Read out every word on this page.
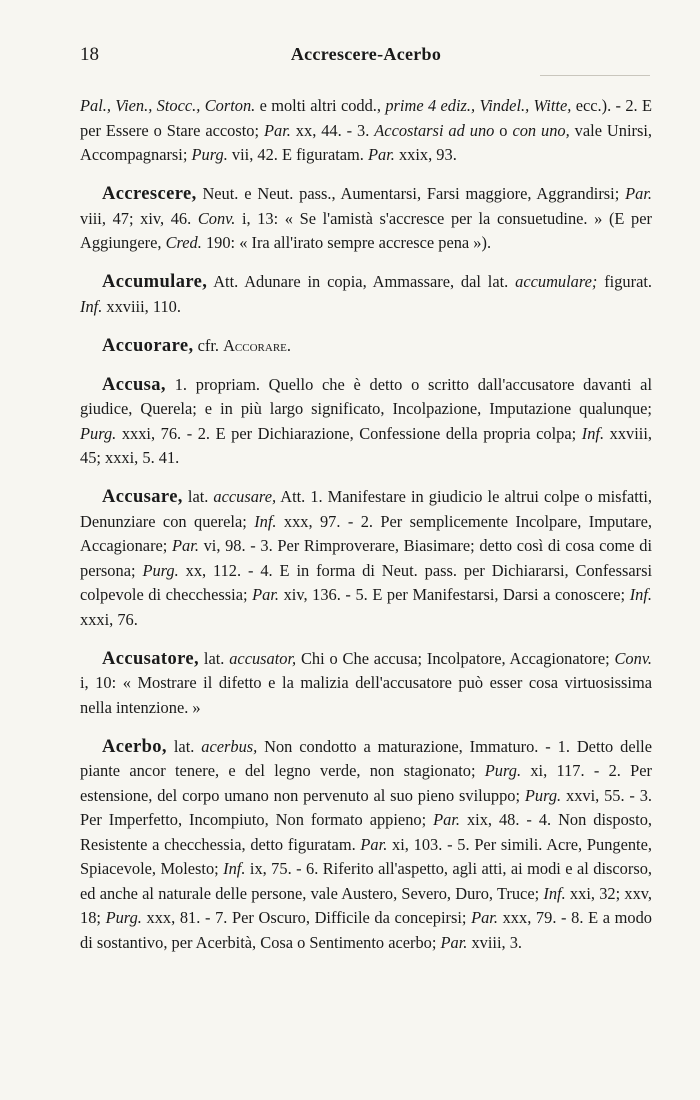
18	Accrescere-Acerbo

Pal., Vien., Stocc., Corton. e molti altri codd., prime 4 ediz., Vindel., Witte, ecc.). - 2. E per Essere o Stare accosto; Par. xx, 44. - 3. Accostarsi ad uno o con uno, vale Unirsi, Accompagnarsi; Purg. vii, 42. E figuratam. Par. xxix, 93.

Accrescere, Neut. e Neut. pass., Aumentarsi, Farsi maggiore, Aggrandirsi; Par. viii, 47; xiv, 46. Conv. i, 13: « Se l'amistà s'accresce per la consuetudine. » (E per Aggiungere, Cred. 190: « Ira all'irato sempre accresce pena »).

Accumulare, Att. Adunare in copia, Ammassare, dal lat. accumulare; figurat. Inf. xxviii, 110.

Accuorare, cfr. Accorare.

Accusa, 1. propriam. Quello che è detto o scritto dall'accusatore davanti al giudice, Querela; e in più largo significato, Incolpazione, Imputazione qualunque; Purg. xxxi, 76. - 2. E per Dichiarazione, Confessione della propria colpa; Inf. xxviii, 45; xxxi, 5. 41.

Accusare, lat. accusare, Att. 1. Manifestare in giudicio le altrui colpe o misfatti, Denunziare con querela; Inf. xxx, 97. - 2. Per semplicemente Incolpare, Imputare, Accagionare; Par. vi, 98. - 3. Per Rimproverare, Biasimare; detto così di cosa come di persona; Purg. xx, 112. - 4. E in forma di Neut. pass. per Dichiararsi, Confessarsi colpevole di checchessia; Par. xiv, 136. - 5. E per Manifestarsi, Darsi a conoscere; Inf. xxxi, 76.

Accusatore, lat. accusator, Chi o Che accusa; Incolpatore, Accagionatore; Conv. i, 10: « Mostrare il difetto e la malizia dell'accusatore può esser cosa virtuosissima nella intenzione. »

Acerbo, lat. acerbus, Non condotto a maturazione, Immaturo. - 1. Detto delle piante ancor tenere, e del legno verde, non stagionato; Purg. xi, 117. - 2. Per estensione, del corpo umano non pervenuto al suo pieno sviluppo; Purg. xxvi, 55. - 3. Per Imperfetto, Incompiuto, Non formato appieno; Par. xix, 48. - 4. Non disposto, Resistente a checchessia, detto figuratam. Par. xi, 103. - 5. Per simili. Acre, Pungente, Spiacevole, Molesto; Inf. ix, 75. - 6. Riferito all'aspetto, agli atti, ai modi e al discorso, ed anche al naturale delle persone, vale Austero, Severo, Duro, Truce; Inf. xxi, 32; xxv, 18; Purg. xxx, 81. - 7. Per Oscuro, Difficile da concepirsi; Par. xxx, 79. - 8. E a modo di sostantivo, per Acerbità, Cosa o Sentimento acerbo; Par. xviii, 3.
